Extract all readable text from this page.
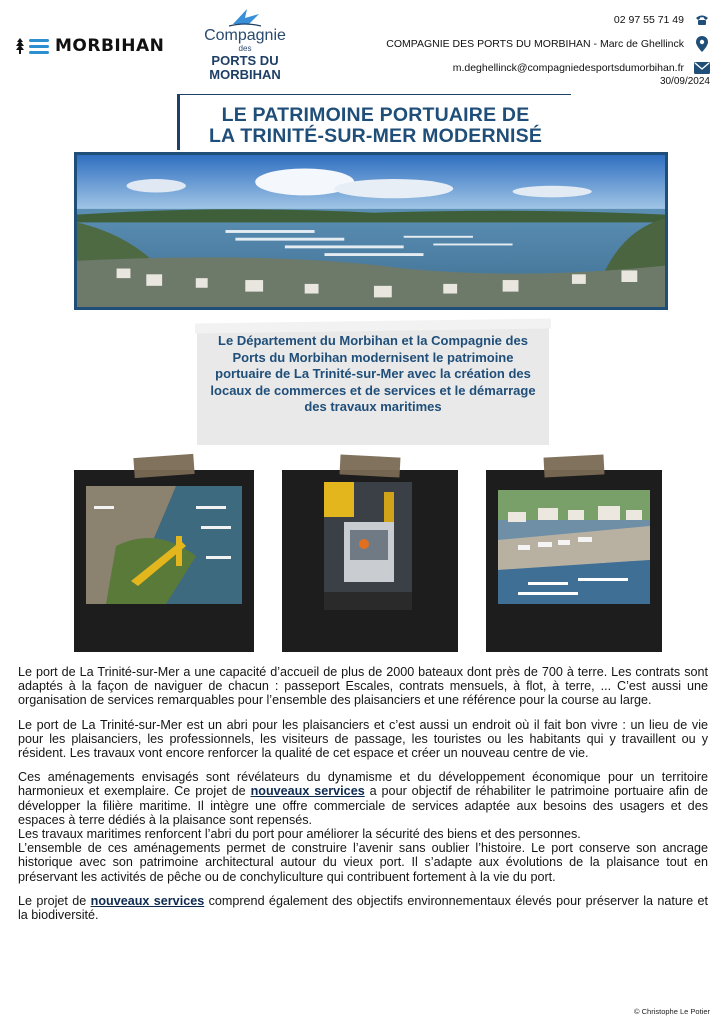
MORBIHAN
Compagnie
des
PORTS DU MORBIHAN
02 97 55 71 49
COMPAGNIE DES PORTS DU MORBIHAN - Marc de Ghellinck
m.deghellinck@compagniedesportsdumorbihan.fr
30/09/2024
LE PATRIMOINE PORTUAIRE DE
LA TRINITÉ-SUR-MER MODERNISÉ

Le Département du Morbihan et la Compagnie des Ports du Morbihan modernisent le patrimoine portuaire de La Trinité-sur-Mer avec la création des locaux de commerces et de services et le démarrage des travaux maritimes

Le port de La Trinité-sur-Mer a une capacité d’accueil de plus de 2000 bateaux dont près de 700 à terre. Les contrats sont adaptés à la façon de naviguer de chacun : passeport Escales, contrats mensuels, à flot, à terre, ... C’est aussi une organisation de services remarquables pour l’ensemble des plaisanciers et une référence pour la course au large.

Le port de La Trinité-sur-Mer est un abri pour les plaisanciers et c’est aussi un endroit où il fait bon vivre : un lieu de vie pour les plaisanciers, les professionnels, les visiteurs de passage, les touristes ou les habitants qui y travaillent ou y résident. Les travaux vont encore renforcer la qualité de cet espace et créer un nouveau centre de vie.

Ces aménagements envisagés sont révélateurs du dynamisme et du développement économique pour un territoire harmonieux et exemplaire. Ce projet de nouveaux services a pour objectif de réhabiliter le patrimoine portuaire afin de développer la filière maritime. Il intègre une offre commerciale de services adaptée aux besoins des usagers et des espaces à terre dédiés à la plaisance sont repensés.

Les travaux maritimes renforcent l’abri du port pour améliorer la sécurité des biens et des personnes.

L’ensemble de ces aménagements permet de construire l’avenir sans oublier l’histoire. Le port conserve son ancrage historique avec son patrimoine architectural autour du vieux port. Il s’adapte aux évolutions de la plaisance tout en préservant les activités de pêche ou de conchyliculture qui contribuent fortement à la vie du port.

Le projet de nouveaux services comprend également des objectifs environnementaux élevés pour préserver la nature et la biodiversité.

© Christophe Le Potier
